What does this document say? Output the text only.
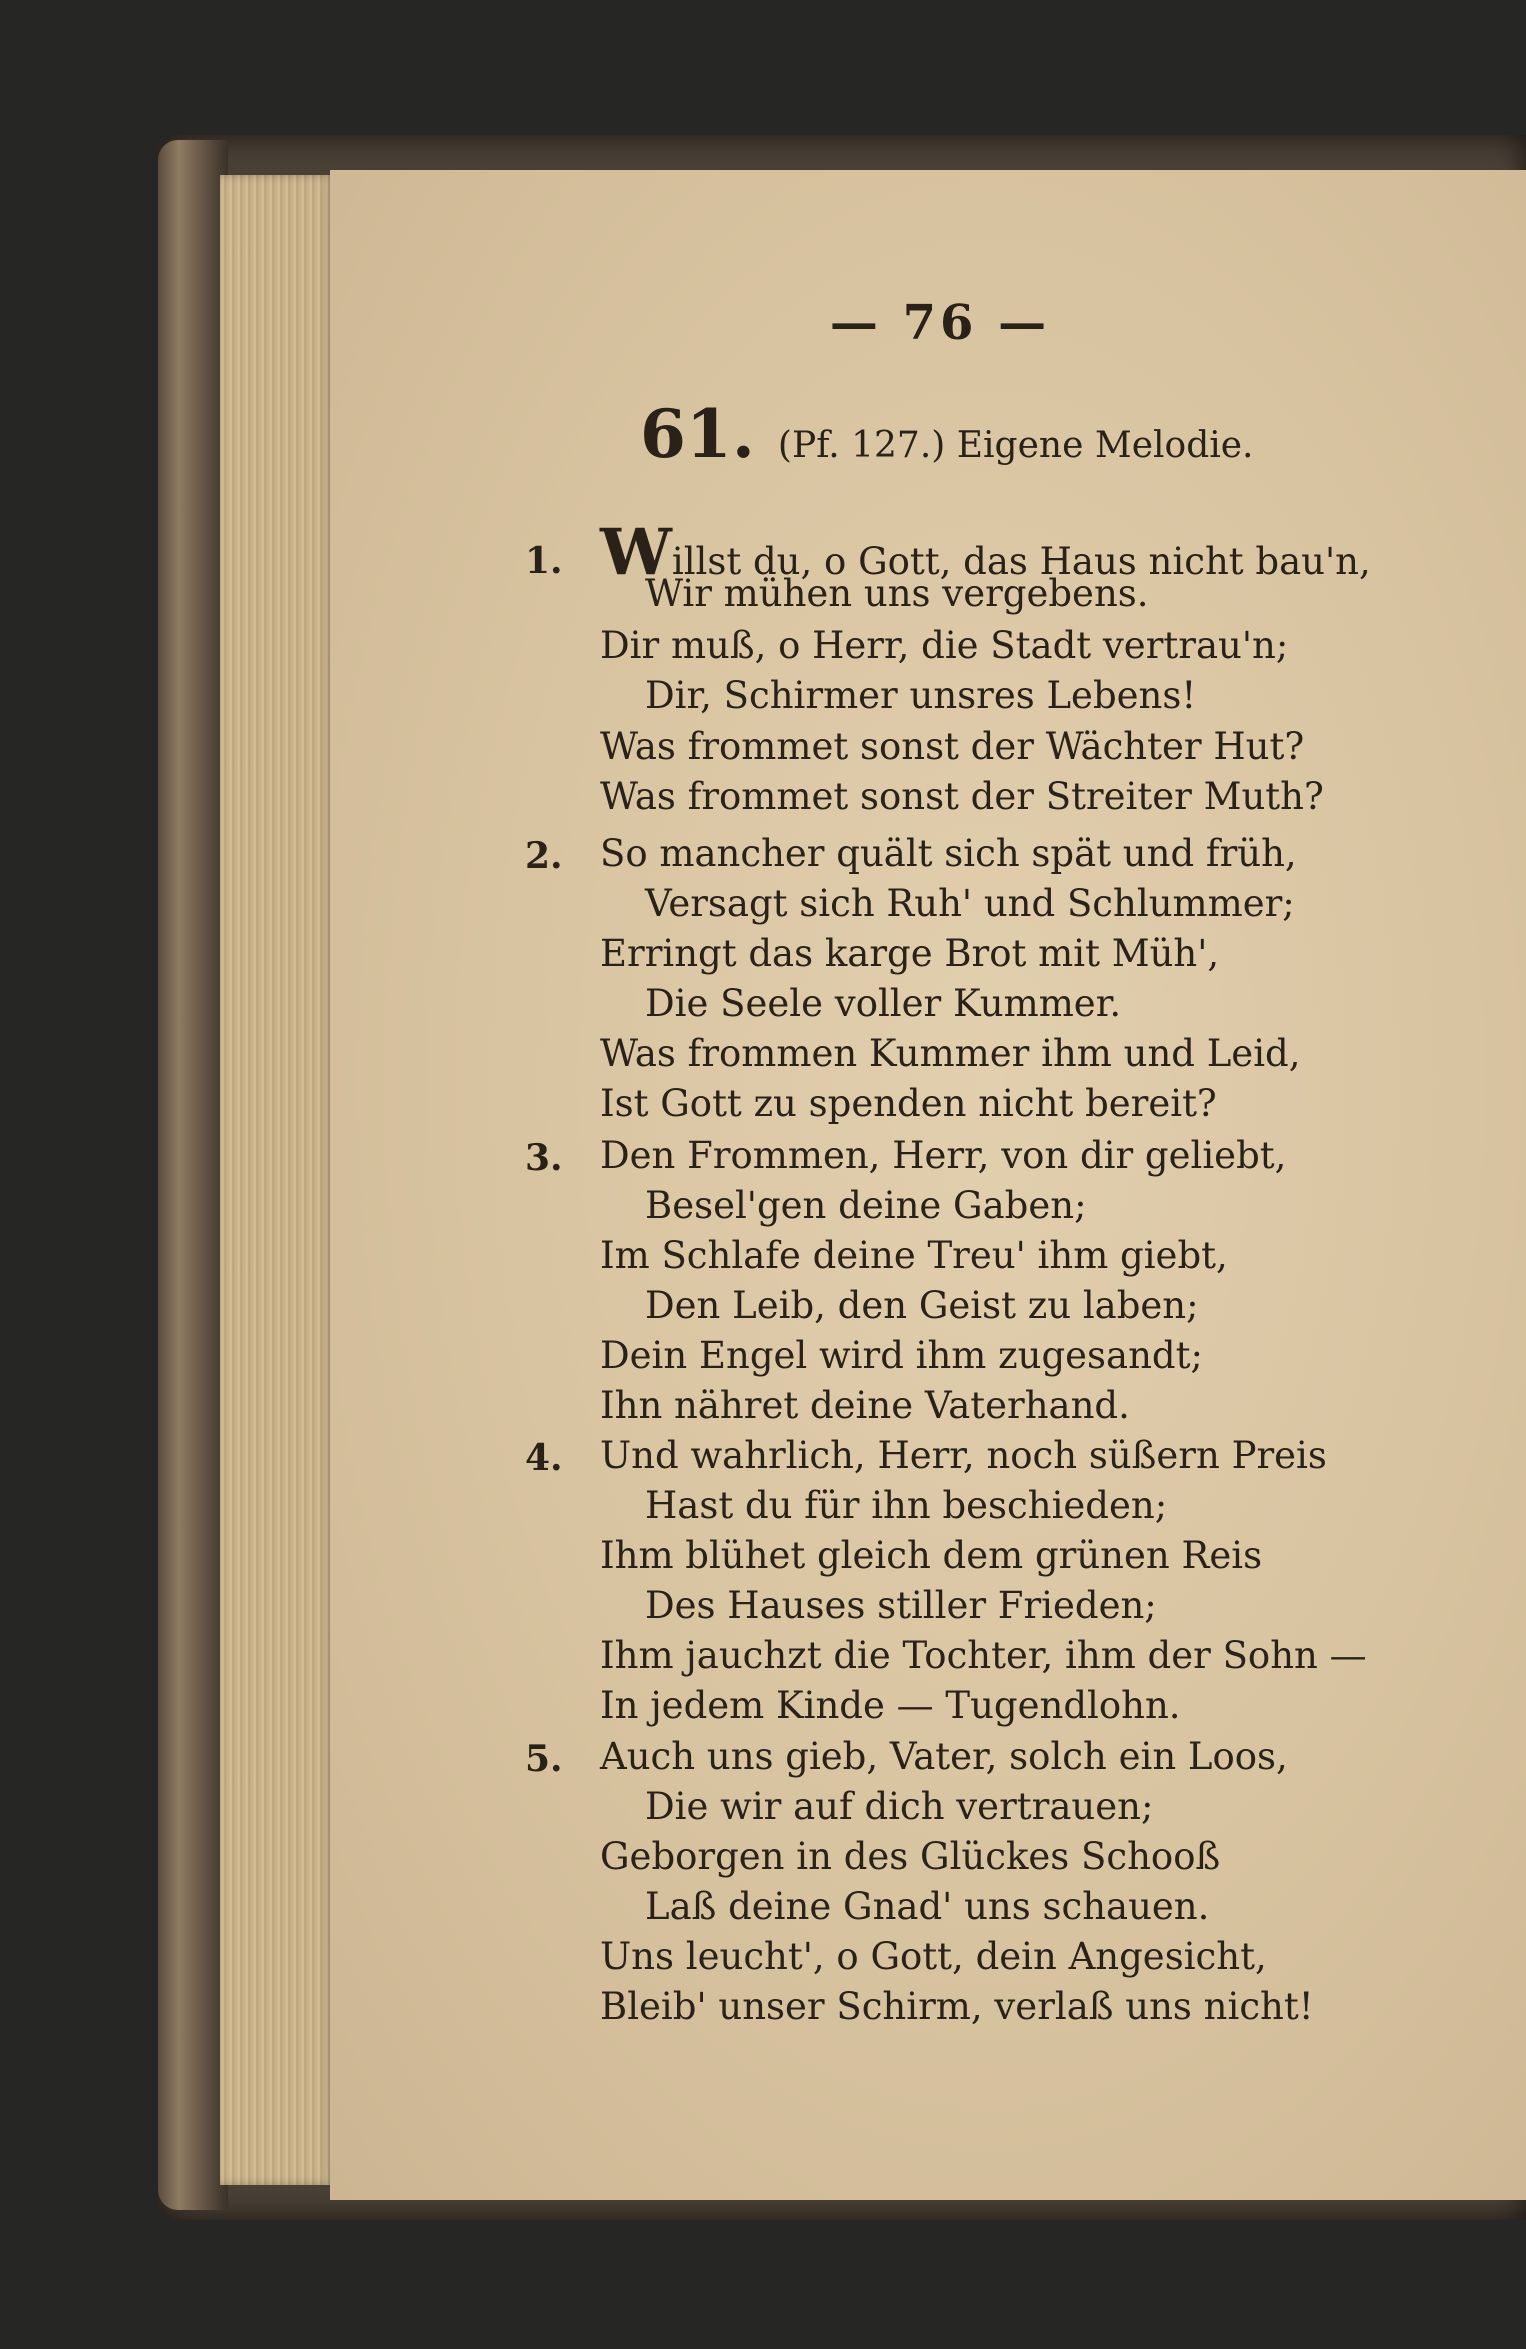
— 76 —
61. (Pf. 127.) Eigene Melodie.
1. Willst du, o Gott, das Haus nicht bau'n,
Wir mühen uns vergebens.
Dir muß, o Herr, die Stadt vertrau'n;
Dir, Schirmer unsres Lebens!
Was frommet sonst der Wächter Hut?
Was frommet sonst der Streiter Muth?
2.	So mancher quält sich spät und früh,
Versagt sich Ruh' und Schlummer;
Erringt das karge Brot mit Müh',
Die Seele voller Kummer.
Was frommen Kummer ihm und Leid,
Ist Gott zu spenden nicht bereit?
3.	Den Frommen, Herr, von dir geliebt,
Besel'gen deine Gaben;
Im Schlafe deine Treu' ihm giebt,
Den Leib, den Geist zu laben;
Dein Engel wird ihm zugesandt;
Ihn nähret deine Vaterhand.
4.	Und wahrlich, Herr, noch süßern Preis
Hast du für ihn beschieden;
Ihm blühet gleich dem grünen Reis
Des Hauses stiller Frieden;
Ihm jauchzt die Tochter, ihm der Sohn —
In jedem Kinde — Tugendlohn.
5.	Auch uns gieb, Vater, solch ein Loos,
Die wir auf dich vertrauen;
Geborgen in des Glückes Schooß
Laß deine Gnad' uns schauen.
Uns leucht', o Gott, dein Angesicht,
Bleib' unser Schirm, verlaß uns nicht!
